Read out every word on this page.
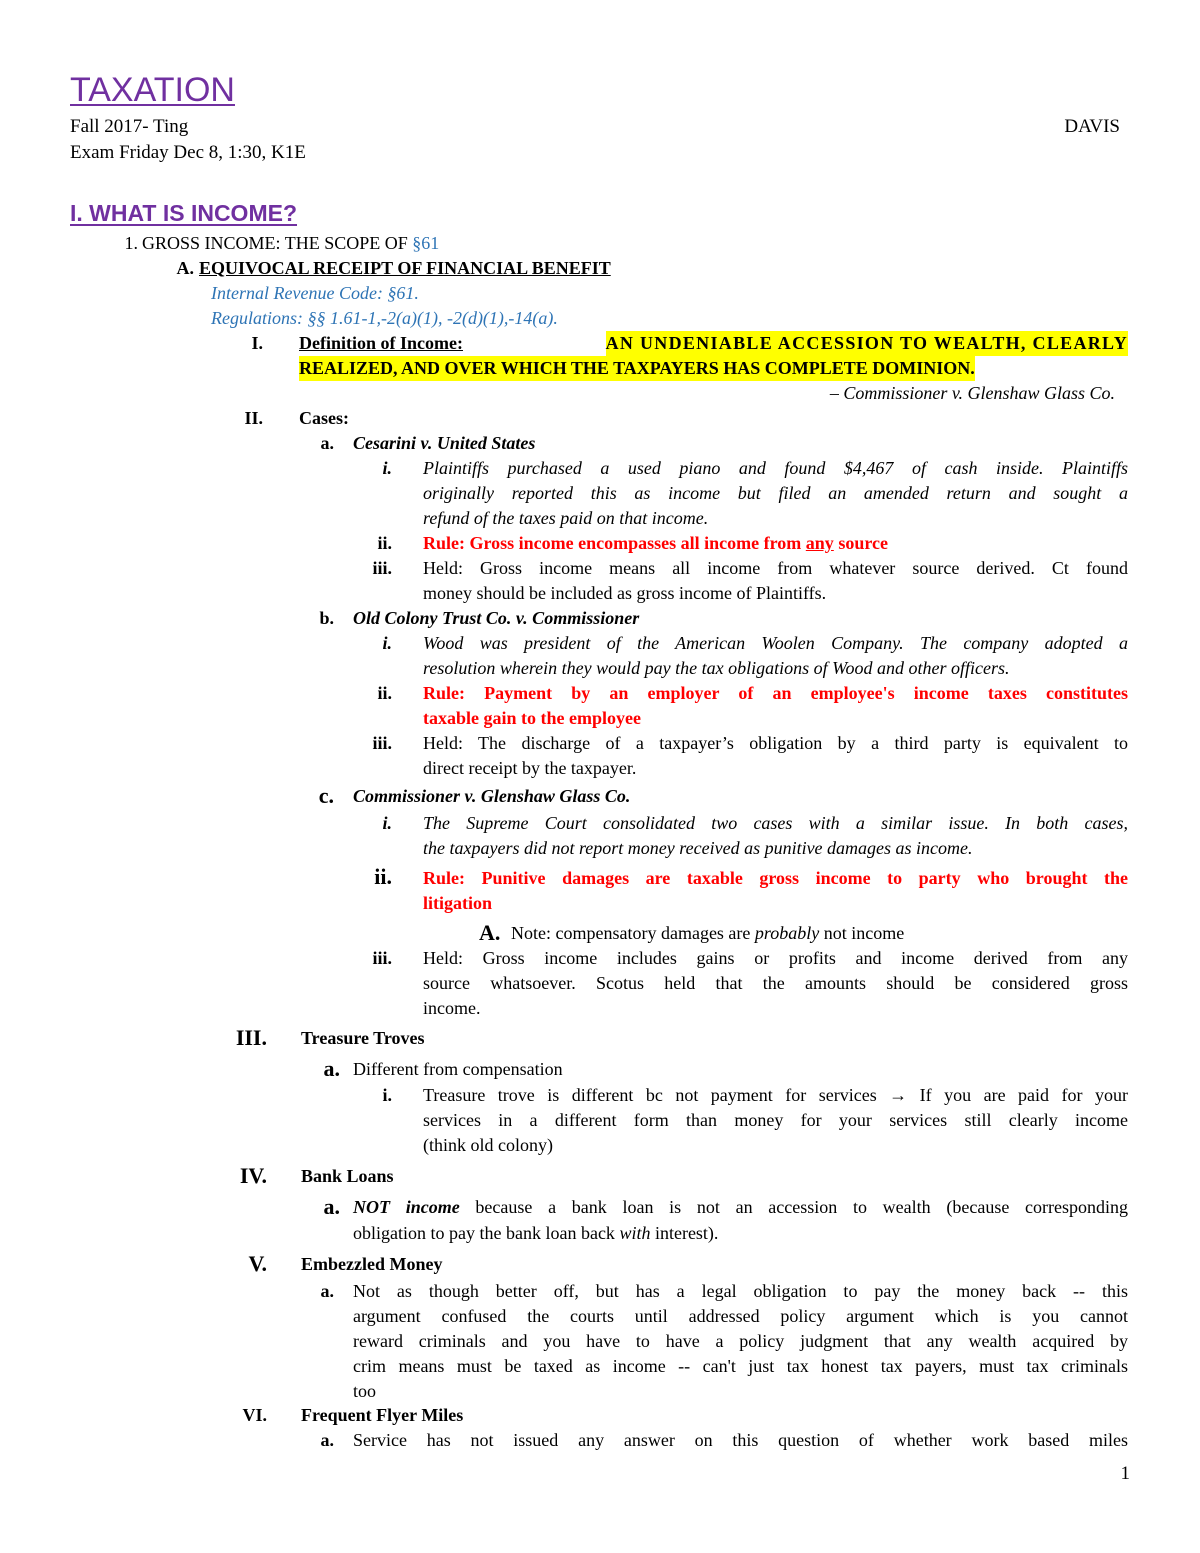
TAXATION
Fall 2017- Ting	DAVIS
Exam Friday Dec 8, 1:30, K1E
I. WHAT IS INCOME?
1. GROSS INCOME: THE SCOPE OF §61
A. EQUIVOCAL RECEIPT OF FINANCIAL BENEFIT
Internal Revenue Code: §61.
Regulations: §§ 1.61-1,-2(a)(1), -2(d)(1),-14(a).
I. Definition of Income:	AN UNDENIABLE ACCESSION TO WEALTH, CLEARLY
REALIZED, AND OVER WHICH THE TAXPAYERS HAS COMPLETE DOMINION.
– Commissioner v. Glenshaw Glass Co.
II. Cases:
a. Cesarini v. United States
i. Plaintiffs purchased a used piano and found $4,467 of cash inside. Plaintiffs
originally reported this as income but filed an amended return and sought a
refund of the taxes paid on that income.
ii. Rule: Gross income encompasses all income from any source
iii. Held: Gross income means all income from whatever source derived. Ct found
money should be included as gross income of Plaintiffs.
b. Old Colony Trust Co. v. Commissioner
i. Wood was president of the American Woolen Company. The company adopted a
resolution wherein they would pay the tax obligations of Wood and other officers.
ii. Rule: Payment by an employer of an employee's income taxes constitutes
taxable gain to the employee
iii. Held: The discharge of a taxpayer’s obligation by a third party is equivalent to
direct receipt by the taxpayer.
c. Commissioner v. Glenshaw Glass Co.
i. The Supreme Court consolidated two cases with a similar issue. In both cases,
the taxpayers did not report money received as punitive damages as income.
ii. Rule: Punitive damages are taxable gross income to party who brought the
litigation
A. Note: compensatory damages are probably not income
iii. Held: Gross income includes gains or profits and income derived from any
source whatsoever. Scotus held that the amounts should be considered gross
income.
III. Treasure Troves
a. Different from compensation
i. Treasure trove is different bc not payment for services → If you are paid for your
services in a different form than money for your services still clearly income
(think old colony)
IV. Bank Loans
a. NOT income because a bank loan is not an accession to wealth (because corresponding
obligation to pay the bank loan back with interest).
V. Embezzled Money
a. Not as though better off, but has a legal obligation to pay the money back -- this
argument confused the courts until addressed policy argument which is you cannot
reward criminals and you have to have a policy judgment that any wealth acquired by
crim means must be taxed as income -- can't just tax honest tax payers, must tax criminals
too
VI. Frequent Flyer Miles
a. Service has not issued any answer on this question of whether work based miles
1
